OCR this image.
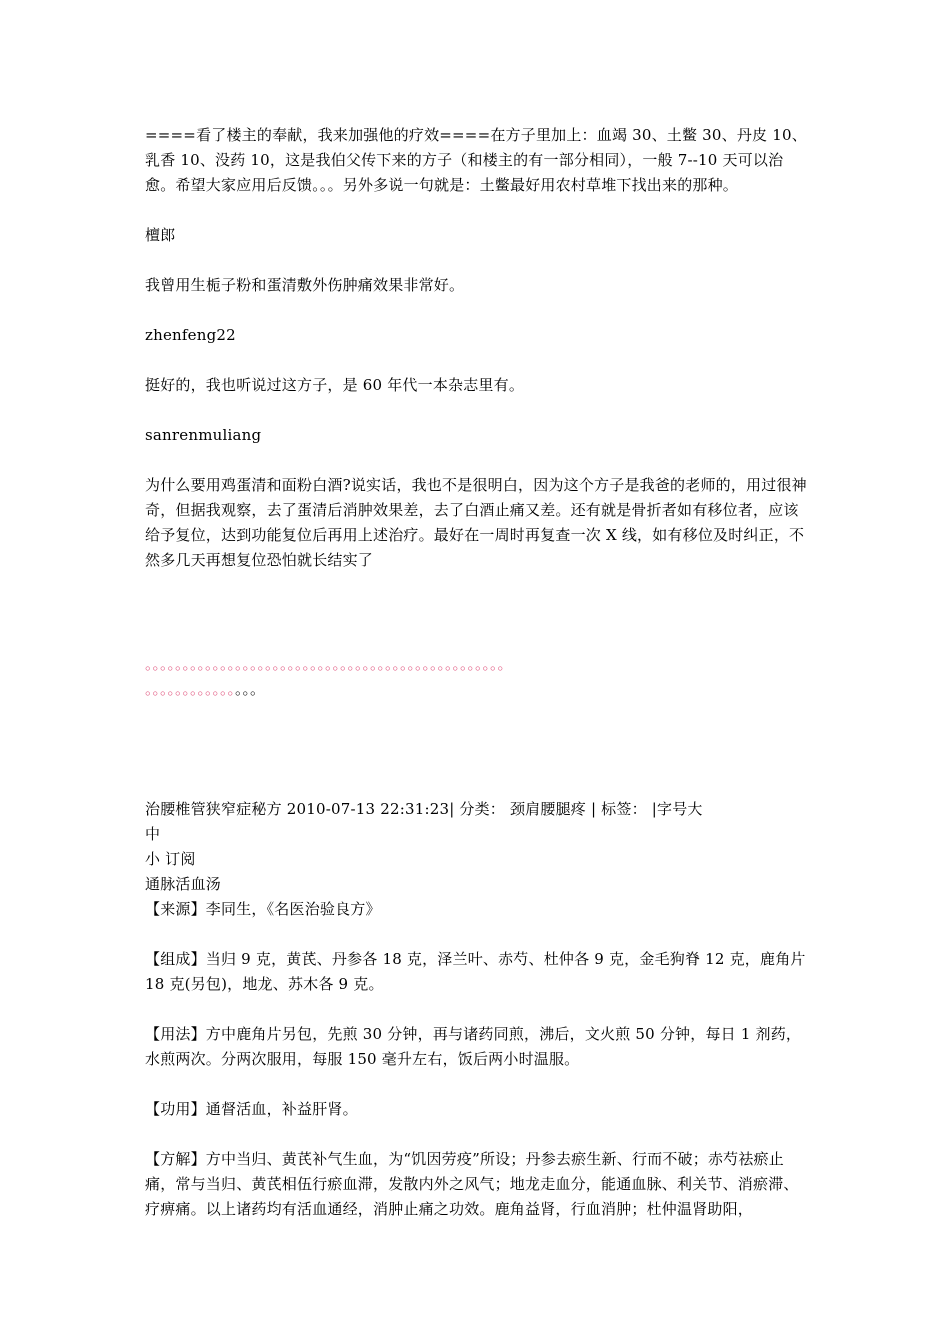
====看了楼主的奉献，我来加强他的疗效====在方子里加上：血竭 30、土鳖 30、丹皮 10、乳香 10、没药 10，这是我伯父传下来的方子（和楼主的有一部分相同），一般 7--10 天可以治愈。希望大家应用后反馈。。。另外多说一句就是：土鳖最好用农村草堆下找出来的那种。

檀郎

我曾用生栀子粉和蛋清敷外伤肿痛效果非常好。

zhenfeng22

挺好的，我也听说过这方子，是 60 年代一本杂志里有。

sanrenmuliang

为什么要用鸡蛋清和面粉白酒?说实话，我也不是很明白，因为这个方子是我爸的老师的，用过很神奇，但据我观察，去了蛋清后消肿效果差，去了白酒止痛又差。还有就是骨折者如有移位者，应该给予复位，达到功能复位后再用上述治疗。最好在一周时再复查一次 X 线，如有移位及时纠正，不然多几天再想复位恐怕就长结实了

。。。。。。。。。。。。。。。。。。。。。。。。。。。。。。。。。。。。。。。。。。。。。。。。
。。。。。。。。。。。。。。。

治腰椎管狭窄症秘方 2010-07-13 22:31:23| 分类： 颈肩腰腿疼 | 标签： |字号大

中

小 订阅

通脉活血汤

【来源】李同生，《名医治验良方》

【组成】当归 9 克，黄芪、丹参各 18 克，泽兰叶、赤芍、杜仲各 9 克，金毛狗脊 12 克，鹿角片 18 克(另包)，地龙、苏木各 9 克。

【用法】方中鹿角片另包，先煎 30 分钟，再与诸药同煎，沸后，文火煎 50 分钟，每日 1 剂药，水煎两次。分两次服用，每服 150 毫升左右，饭后两小时温服。

【功用】通督活血，补益肝肾。

【方解】方中当归、黄芪补气生血，为“饥因劳疫”所设；丹参去瘀生新、行而不破；赤芍祛瘀止痛，常与当归、黄芪相伍行瘀血滞，发散内外之风气；地龙走血分，能通血脉、利关节、消瘀滞、疗痹痛。以上诸药均有活血通经，消肿止痛之功效。鹿角益肾，行血消肿；杜仲温肾助阳，
